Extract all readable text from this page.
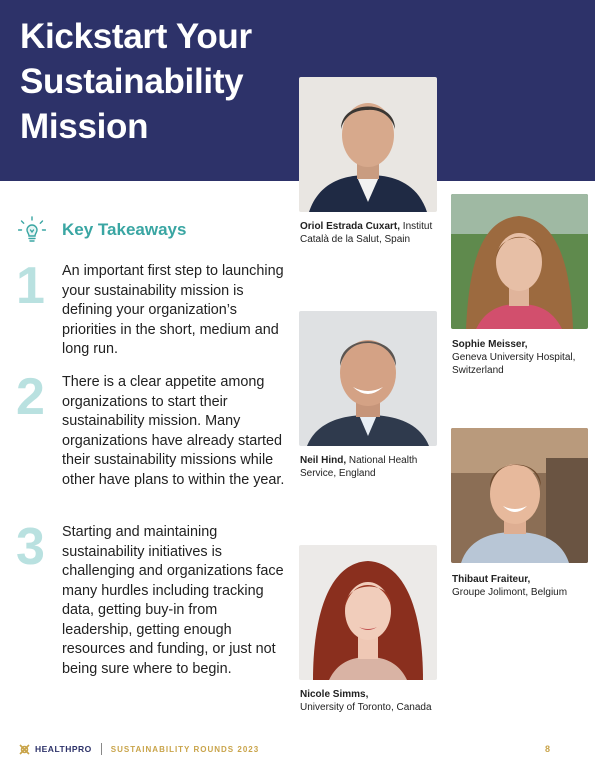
Kickstart Your
Sustainability
Mission
Key Takeaways
1	An important first step to launching your sustainability mission is defining your organization’s priorities in the short, medium and long run.
2	There is a clear appetite among organizations to start their sustainability mission. Many organizations have already started their sustainability missions while other have plans to within the year.
3	Starting and maintaining sustainability initiatives is challenging and organizations face many hurdles including tracking data, getting buy-in from leadership, getting enough resources and funding, or just not being sure where to begin.
Oriol Estrada Cuxart, Institut
Català de la Salut, Spain
Sophie Meisser,
Geneva University Hospital, Switzerland
Neil Hind, National Health
Service, England
Thibaut Fraiteur,
Groupe Jolimont, Belgium
Nicole Simms,
University of Toronto, Canada
HEALTHPRO SUSTAINABILITY ROUNDS 2023	8
